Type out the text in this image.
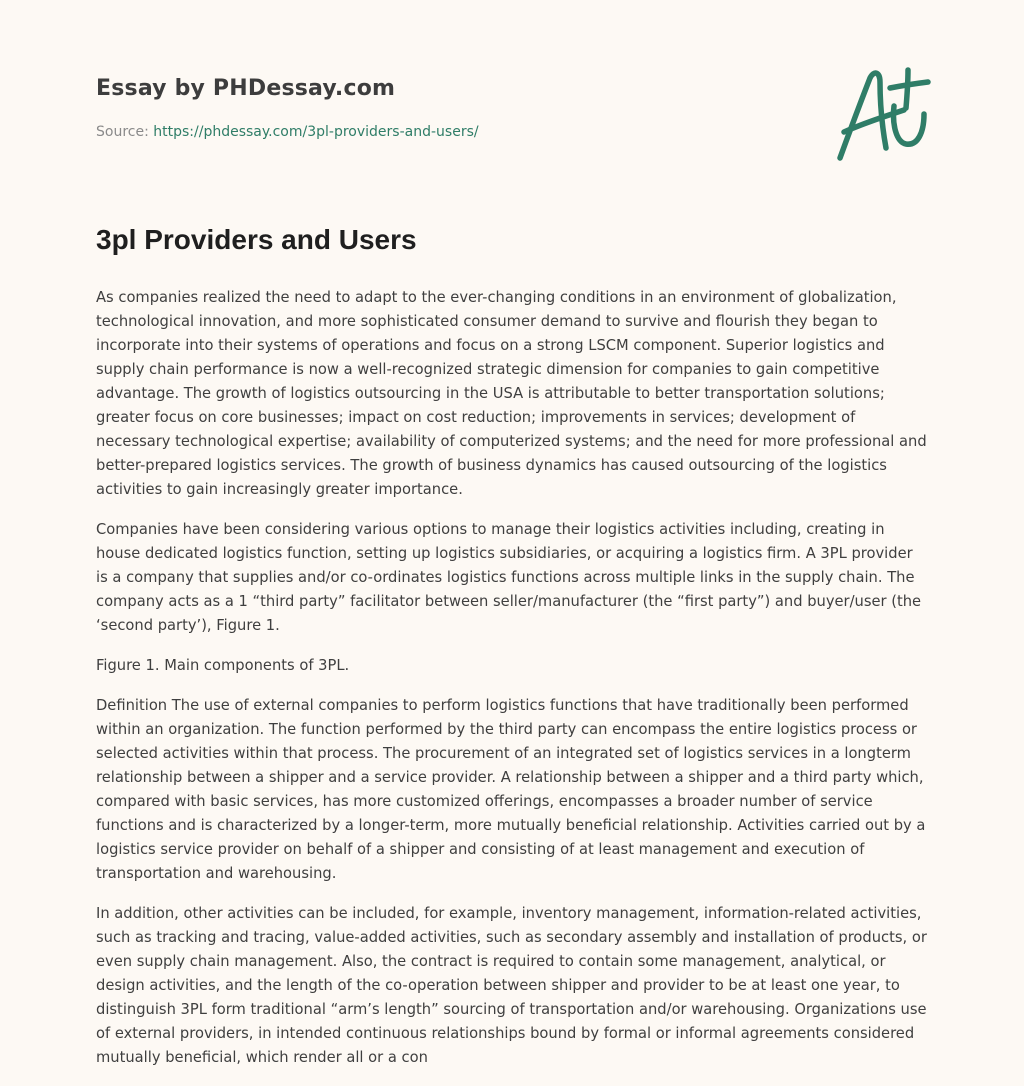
Essay by PHDessay.com
Source: https://phdessay.com/3pl-providers-and-users/
3pl Providers and Users

As companies realized the need to adapt to the ever-changing conditions in an environment of globalization, technological innovation, and more sophisticated consumer demand to survive and flourish they began to incorporate into their systems of operations and focus on a strong LSCM component. Superior logistics and supply chain performance is now a well-recognized strategic dimension for companies to gain competitive advantage. The growth of logistics outsourcing in the USA is attributable to better transportation solutions; greater focus on core businesses; impact on cost reduction; improvements in services; development of necessary technological expertise; availability of computerized systems; and the need for more professional and better-prepared logistics services. The growth of business dynamics has caused outsourcing of the logistics activities to gain increasingly greater importance.

Companies have been considering various options to manage their logistics activities including, creating in house dedicated logistics function, setting up logistics subsidiaries, or acquiring a logistics firm. A 3PL provider is a company that supplies and/or co-ordinates logistics functions across multiple links in the supply chain. The company acts as a 1 “third party” facilitator between seller/manufacturer (the “first party”) and buyer/user (the ‘second party’), Figure 1.

Figure 1. Main components of 3PL.

Definition The use of external companies to perform logistics functions that have traditionally been performed within an organization. The function performed by the third party can encompass the entire logistics process or selected activities within that process. The procurement of an integrated set of logistics services in a longterm relationship between a shipper and a service provider. A relationship between a shipper and a third party which, compared with basic services, has more customized offerings, encompasses a broader number of service functions and is characterized by a longer-term, more mutually beneficial relationship. Activities carried out by a logistics service provider on behalf of a shipper and consisting of at least management and execution of transportation and warehousing.

In addition, other activities can be included, for example, inventory management, information-related activities, such as tracking and tracing, value-added activities, such as secondary assembly and installation of products, or even supply chain management. Also, the contract is required to contain some management, analytical, or design activities, and the length of the co-operation between shipper and provider to be at least one year, to distinguish 3PL form traditional “arm’s length” sourcing of transportation and/or warehousing. Organizations use of external providers, in intended continuous relationships bound by formal or informal agreements considered mutually beneficial, which render all or a con
